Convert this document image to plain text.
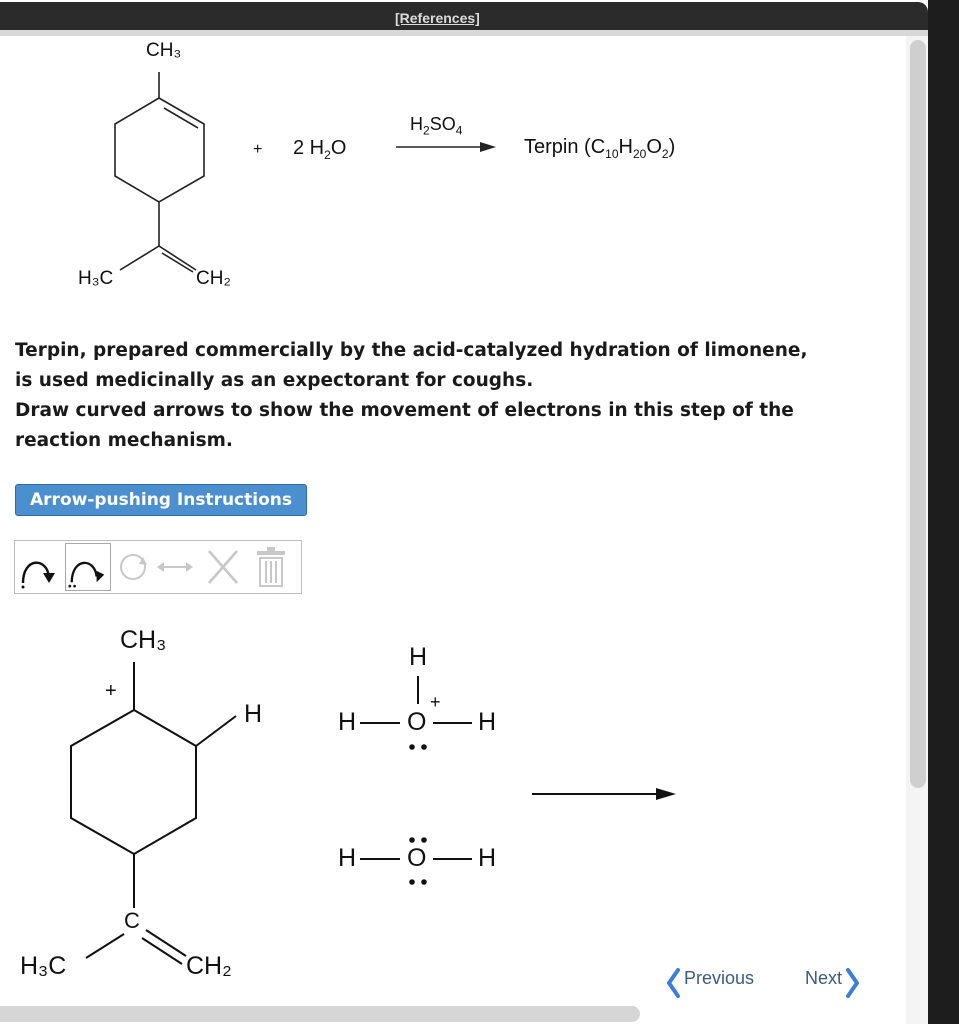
[References]
CH₃
H₃C	CH₂
+ 2 $H_2O$
$H_2SO_4$
Terpin $(C_{10}H_{20}O_2)$

Terpin, prepared commercially by the acid-catalyzed hydration of limonene,

is used medicinally as an expectorant for coughs.

Draw curved arrows to show the movement of electrons in this step of the

reaction mechanism.

Arrow-pushing Instructions
CH₃
+
H
C
H₃C	CH₂
H
+
H O H
H O H
Previous	Next
